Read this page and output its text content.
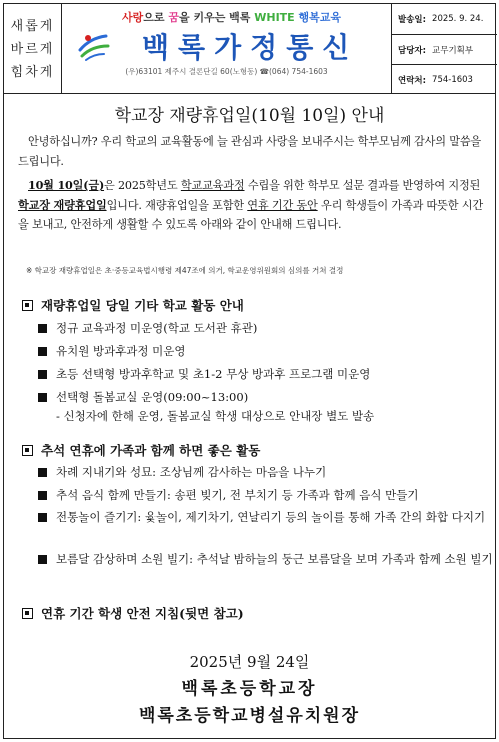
새롭게
바르게
힘차게
사랑으로 꿈을 키우는 백록 WHITE 행복교육
백록가정통신
(우)63101 제주시 결론단길 60(노형동) ☎(064) 754-1603
발송일: 2025. 9. 24.
담당자: 교무기획부
연락처: 754-1603
학교장 재량휴업일(10월 10일) 안내
안녕하십니까? 우리 학교의 교육활동에 늘 관심과 사랑을 보내주시는 학부모님께 감사의 말씀을 드립니다.
10월 10일(금)은 2025학년도 학교교육과정 수립을 위한 학부모 설문 결과를 반영하여 지정된 학교장 재량휴업일입니다. 재량휴업일을 포함한 연휴 기간 동안 우리 학생들이 가족과 따뜻한 시간을 보내고, 안전하게 생활할 수 있도록 아래와 같이 안내해 드립니다.
※ 학교장 재량휴업일은 초·중등교육법시행령 제47조에 의거, 학교운영위원회의 심의를 거쳐 결정
재량휴업일 당일 기타 학교 활동 안내
정규 교육과정 미운영(학교 도서관 휴관)
유치원 방과후과정 미운영
초등 선택형 방과후학교 및 초1-2 무상 방과후 프로그램 미운영
선택형 돌봄교실 운영(09:00~13:00)
- 신청자에 한해 운영, 돌봄교실 학생 대상으로 안내장 별도 발송
추석 연휴에 가족과 함께 하면 좋은 활동
차례 지내기와 성묘: 조상님께 감사하는 마음을 나누기
추석 음식 함께 만들기: 송편 빚기, 전 부치기 등 가족과 함께 음식 만들기
전통놀이 즐기기: 윷놀이, 제기차기, 연날리기 등의 놀이를 통해 가족 간의 화합 다지기
보름달 감상하며 소원 빌기: 추석날 밤하늘의 둥근 보름달을 보며 가족과 함께 소원 빌기
연휴 기간 학생 안전 지침(뒷면 참고)
2025년 9월 24일
백록초등학교장
백록초등학교병설유치원장
